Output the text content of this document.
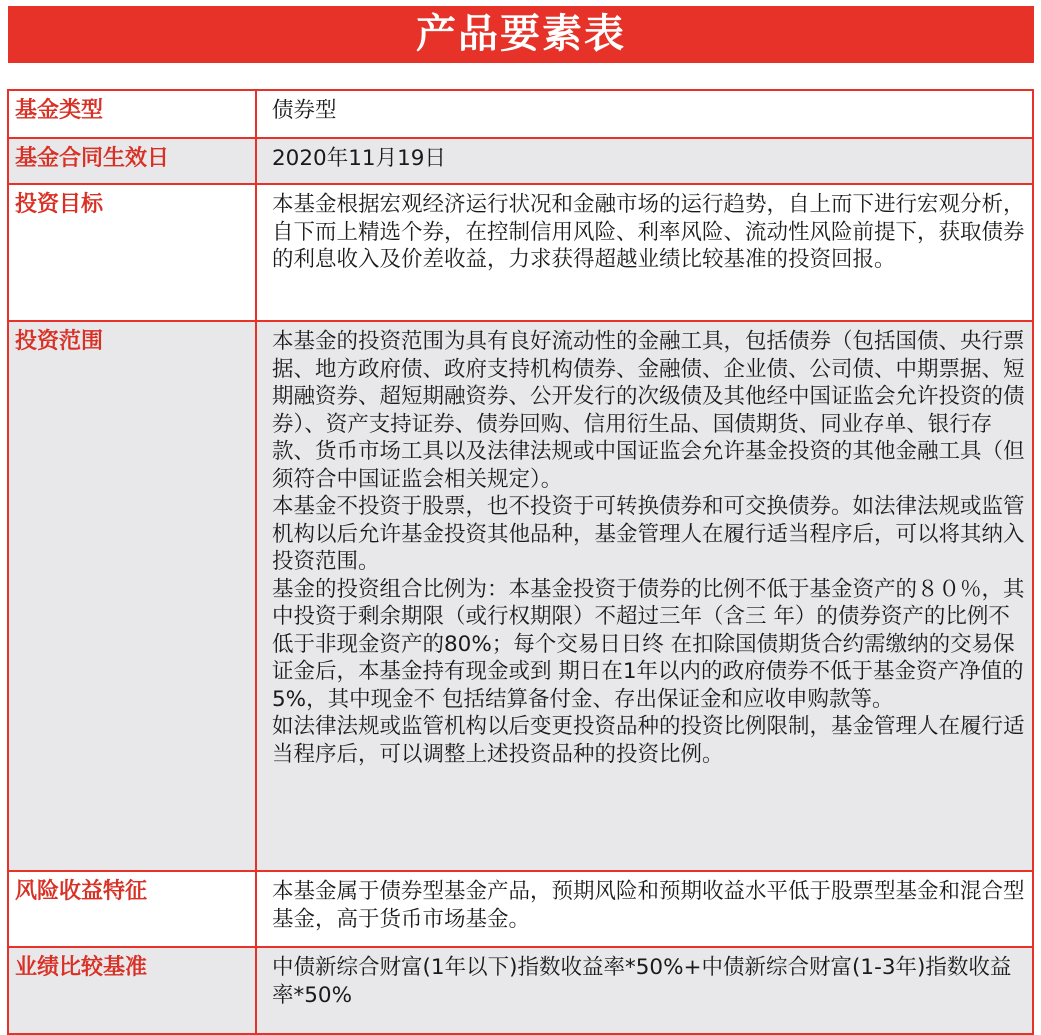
产品要素表
基金类型	债券型
基金合同生效日	2020年11月19日
投资目标	本基金根据宏观经济运行状况和金融市场的运行趋势，自上而下进行宏观分析，自下而上精选个券，在控制信用风险、利率风险、流动性风险前提下，获取债券的利息收入及价差收益，力求获得超越业绩比较基准的投资回报。
投资范围	本基金的投资范围为具有良好流动性的金融工具，包括债券（包括国债、央行票据、地方政府债、政府支持机构债券、金融债、企业债、公司债、中期票据、短期融资券、超短期融资券、公开发行的次级债及其他经中国证监会允许投资的债券）、资产支持证券、债券回购、信用衍生品、国债期货、同业存单、银行存款、货币市场工具以及法律法规或中国证监会允许基金投资的其他金融工具（但须符合中国证监会相关规定）。

本基金不投资于股票，也不投资于可转换债券和可交换债券。如法律法规或监管机构以后允许基金投资其他品种，基金管理人在履行适当程序后，可以将其纳入投资范围。

基金的投资组合比例为：本基金投资于债券的比例不低于基金资产的８０％，其中投资于剩余期限（或行权期限）不超过三年（含三 年）的债券资产的比例不低于非现金资产的80%；每个交易日日终 在扣除国债期货合约需缴纳的交易保证金后，本基金持有现金或到 期日在1年以内的政府债券不低于基金资产净值的 5%，其中现金不 包括结算备付金、存出保证金和应收申购款等。

如法律法规或监管机构以后变更投资品种的投资比例限制，基金管理人在履行适当程序后，可以调整上述投资品种的投资比例。

风险收益特征	本基金属于债券型基金产品，预期风险和预期收益水平低于股票型基金和混合型基金，高于货币市场基金。
业绩比较基准	中债新综合财富(1年以下)指数收益率*50%+中债新综合财富(1-3年)指数收益率*50%
